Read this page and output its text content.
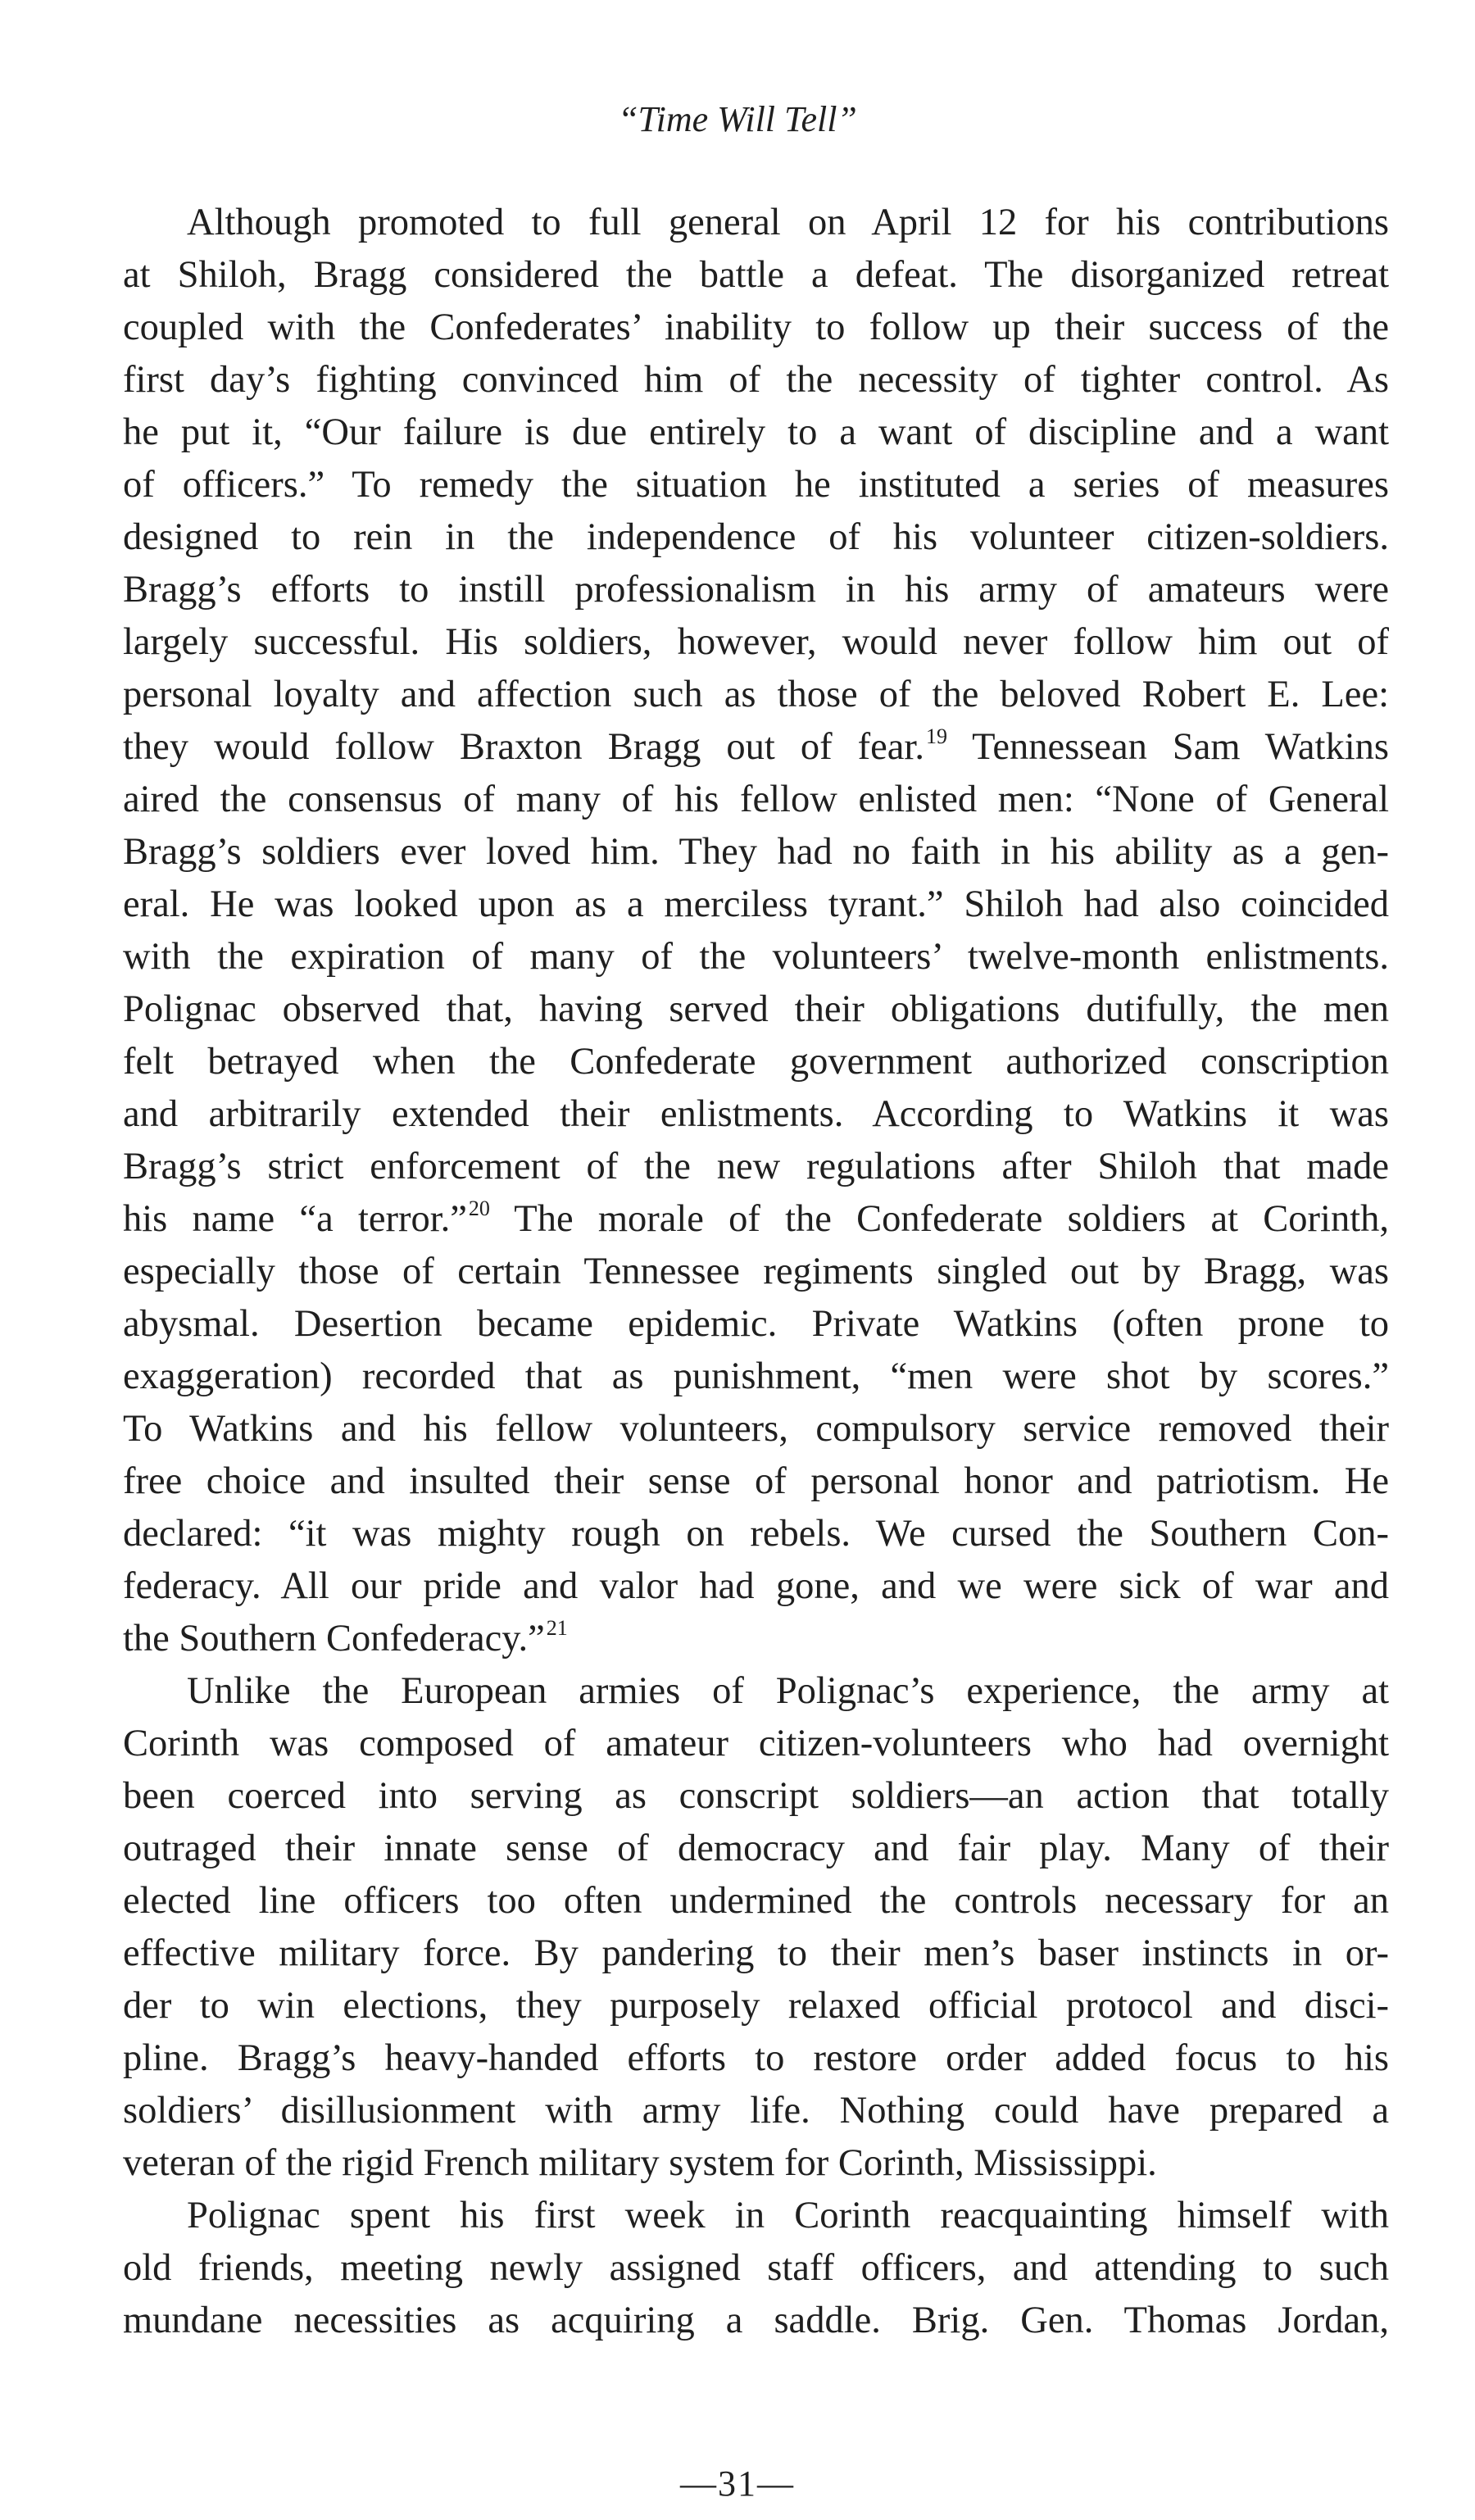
“Time Will Tell”

Although promoted to full general on April 12 for his contributions
at Shiloh, Bragg considered the battle a defeat. The disorganized retreat
coupled with the Confederates’ inability to follow up their success of the
first day’s fighting convinced him of the necessity of tighter control. As
he put it, “Our failure is due entirely to a want of discipline and a want
of officers.” To remedy the situation he instituted a series of measures
designed to rein in the independence of his volunteer citizen-soldiers.
Bragg’s efforts to instill professionalism in his army of amateurs were
largely successful. His soldiers, however, would never follow him out of
personal loyalty and affection such as those of the beloved Robert E. Lee:
they would follow Braxton Bragg out of fear.$^{19}$ Tennessean Sam Watkins
aired the consensus of many of his fellow enlisted men: “None of General
Bragg’s soldiers ever loved him. They had no faith in his ability as a gen-
eral. He was looked upon as a merciless tyrant.” Shiloh had also coincided
with the expiration of many of the volunteers’ twelve-month enlistments.
Polignac observed that, having served their obligations dutifully, the men
felt betrayed when the Confederate government authorized conscription
and arbitrarily extended their enlistments. According to Watkins it was
Bragg’s strict enforcement of the new regulations after Shiloh that made
his name “a terror.”$^{20}$ The morale of the Confederate soldiers at Corinth,
especially those of certain Tennessee regiments singled out by Bragg, was
abysmal. Desertion became epidemic. Private Watkins (often prone to
exaggeration) recorded that as punishment, “men were shot by scores.”
To Watkins and his fellow volunteers, compulsory service removed their
free choice and insulted their sense of personal honor and patriotism. He
declared: “it was mighty rough on rebels. We cursed the Southern Con-
federacy. All our pride and valor had gone, and we were sick of war and
the Southern Confederacy.”$^{21}$

Unlike the European armies of Polignac’s experience, the army at
Corinth was composed of amateur citizen-volunteers who had overnight
been coerced into serving as conscript soldiers—an action that totally
outraged their innate sense of democracy and fair play. Many of their
elected line officers too often undermined the controls necessary for an
effective military force. By pandering to their men’s baser instincts in or-
der to win elections, they purposely relaxed official protocol and disci-
pline. Bragg’s heavy-handed efforts to restore order added focus to his
soldiers’ disillusionment with army life. Nothing could have prepared a
veteran of the rigid French military system for Corinth, Mississippi.

Polignac spent his first week in Corinth reacquainting himself with
old friends, meeting newly assigned staff officers, and attending to such
mundane necessities as acquiring a saddle. Brig. Gen. Thomas Jordan,

—31—
